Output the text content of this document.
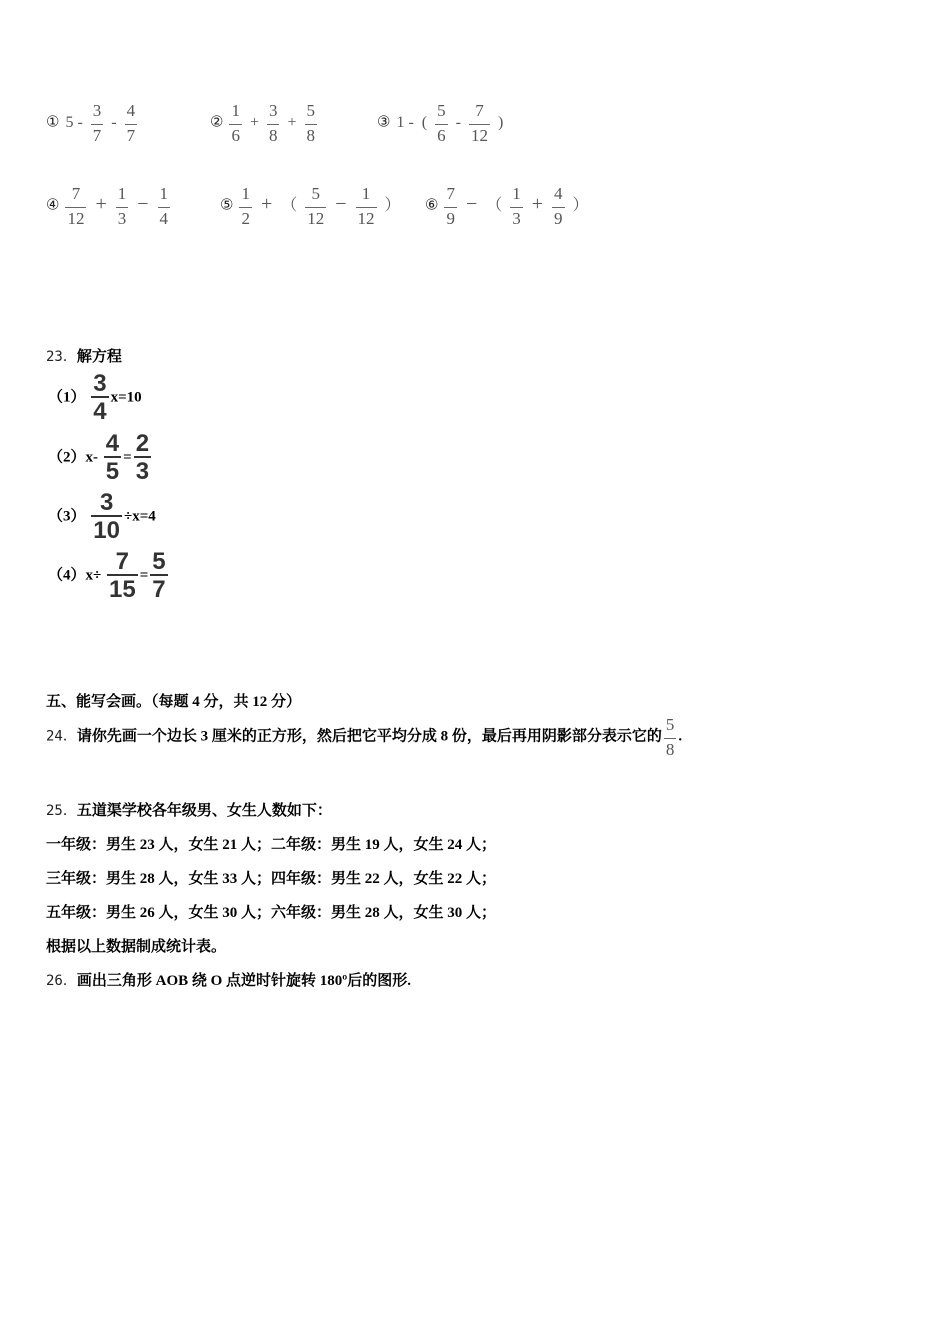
① $5 - \frac{3}{7} - \frac{4}{7}$	② $\frac{1}{6} + \frac{3}{8} + \frac{5}{8}$	③ 1 - ( $\frac{5}{6} - \frac{7}{12}$ )
④ $\frac{7}{12} + \frac{1}{3} - \frac{1}{4}$	⑤ $\frac{1}{2}$ + （ $\frac{5}{12} - \frac{1}{12}$ ） ⑥ $\frac{7}{9}$ − （ $\frac{1}{3} + \frac{4}{9}$ ）
23．解方程
$(1) \frac{3}{4} x=10$
$(2)x- \frac{4}{5} = \frac{2}{3}$
$(3) \frac{3}{10} \div x=4$
$(4)x\div \frac{7}{15} = \frac{5}{7}$
五、能写会画。（每题 4 分，共 12 分）
24．请你先画一个边长 3 厘米的正方形，然后把它平均分成 8 份，最后再用阴影部分表示它的 $\frac{5}{8}$ .
25．五道渠学校各年级男、女生人数如下：
一年级：男生 23 人，女生 21 人；二年级：男生 19 人，女生 24 人；
三年级：男生 28 人，女生 33 人；四年级：男生 22 人，女生 22 人；
五年级：男生 26 人，女生 30 人；六年级：男生 28 人，女生 30 人；
根据以上数据制成统计表。
26．画出三角形 AOB 绕 O 点逆时针旋转 180º后的图形.
